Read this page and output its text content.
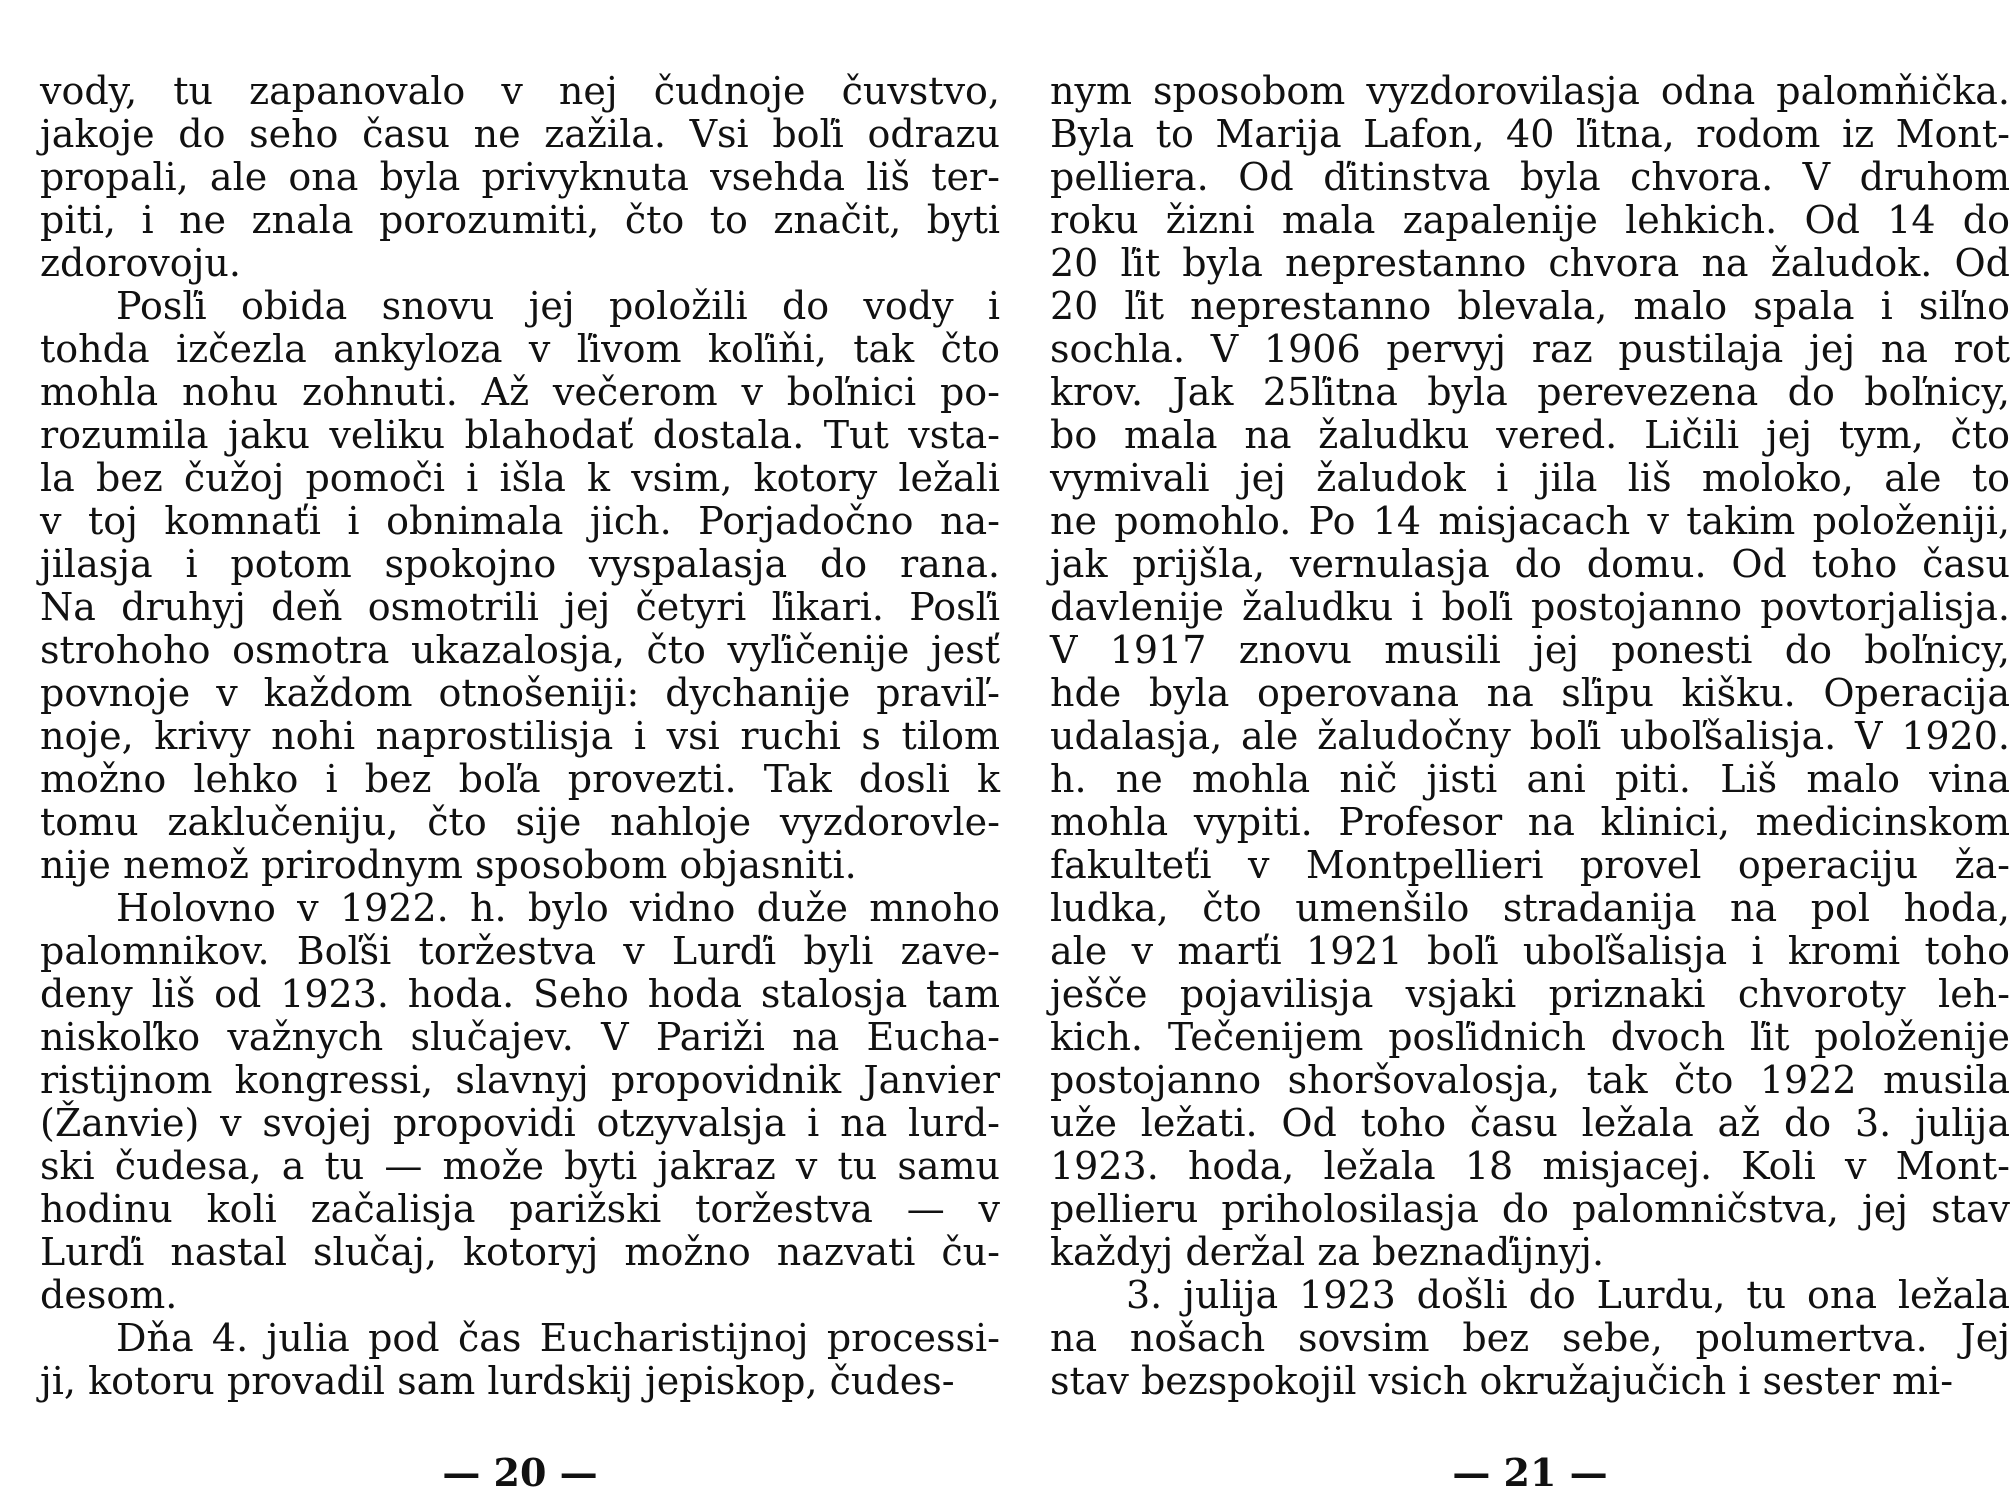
vody, tu zapanovalo v nej čudnoje čuvstvo,
jakoje do seho času ne zažila. Vsi boľi odrazu
propali, ale ona byla privyknuta vsehda liš ter-
piti, i ne znala porozumiti, čto to značit, byti
zdorovoju.
Posľi obida snovu jej položili do vody i
tohda izčezla ankyloza v ľivom koľiňi, tak čto
mohla nohu zohnuti. Až večerom v boľnici po-
rozumila jaku veliku blahodať dostala. Tut vsta-
la bez čužoj pomoči i išla k vsim, kotory ležali
v toj komnaťi i obnimala jich. Porjadočno na-
jilasja i potom spokojno vyspalasja do rana.
Na druhyj deň osmotrili jej četyri ľikari. Posľi
strohoho osmotra ukazalosja, čto vyľičenije jesť
povnoje v každom otnošeniji: dychanije praviľ-
noje, krivy nohi naprostilisja i vsi ruchi s tilom
možno lehko i bez boľa provezti. Tak dosli k
tomu zaklučeniju, čto sije nahloje vyzdorovle-
nije nemož prirodnym sposobom objasniti.
Holovno v 1922. h. bylo vidno duže mnoho
palomnikov. Boľši toržestva v Lurďi byli zave-
deny liš od 1923. hoda. Seho hoda stalosja tam
niskoľko važnych slučajev. V Pariži na Eucha-
ristijnom kongressi, slavnyj propovidnik Janvier
(Žanvie) v svojej propovidi otzyvalsja i na lurd-
ski čudesa, a tu — može byti jakraz v tu samu
hodinu koli začalisja parižski toržestva — v
Lurďi nastal slučaj, kotoryj možno nazvati ču-
desom.
Dňa 4. julia pod čas Eucharistijnoj processi-
ji, kotoru provadil sam lurdskij jepiskop, čudes-
— 20 —
nym sposobom vyzdorovilasja odna palomňička.
Byla to Marija Lafon, 40 ľitna, rodom iz Mont-
pelliera. Od ďitinstva byla chvora. V druhom
roku žizni mala zapalenije lehkich. Od 14 do
20 ľit byla neprestanno chvora na žaludok. Od
20 ľit neprestanno blevala, malo spala i siľno
sochla. V 1906 pervyj raz pustilaja jej na rot
krov. Jak 25ľitna byla perevezena do boľnicy,
bo mala na žaludku vered. Ličili jej tym, čto
vymivali jej žaludok i jila liš moloko, ale to
ne pomohlo. Po 14 misjacach v takim položeniji,
jak prijšla, vernulasja do domu. Od toho času
davlenije žaludku i boľi postojanno povtorjalisja.
V 1917 znovu musili jej ponesti do boľnicy,
hde byla operovana na sľipu kišku. Operacija
udalasja, ale žaludočny boľi uboľšalisja. V 1920.
h. ne mohla nič jisti ani piti. Liš malo vina
mohla vypiti. Profesor na klinici, medicinskom
fakulteťi v Montpellieri provel operaciju ža-
ludka, čto umenšilo stradanija na pol hoda,
ale v marťi 1921 boľi uboľšalisja i kromi toho
ješče pojavilisja vsjaki priznaki chvoroty leh-
kich. Tečenijem posľidnich dvoch ľit položenije
postojanno shoršovalosja, tak čto 1922 musila
uže ležati. Od toho času ležala až do 3. julija
1923. hoda, ležala 18 misjacej. Koli v Mont-
pellieru priholosilasja do palomničstva, jej stav
každyj deržal za beznaďijnyj.
3. julija 1923 došli do Lurdu, tu ona ležala
na nošach sovsim bez sebe, polumertva. Jej
stav bezspokojil vsich okružajučich i sester mi-
— 21 —
